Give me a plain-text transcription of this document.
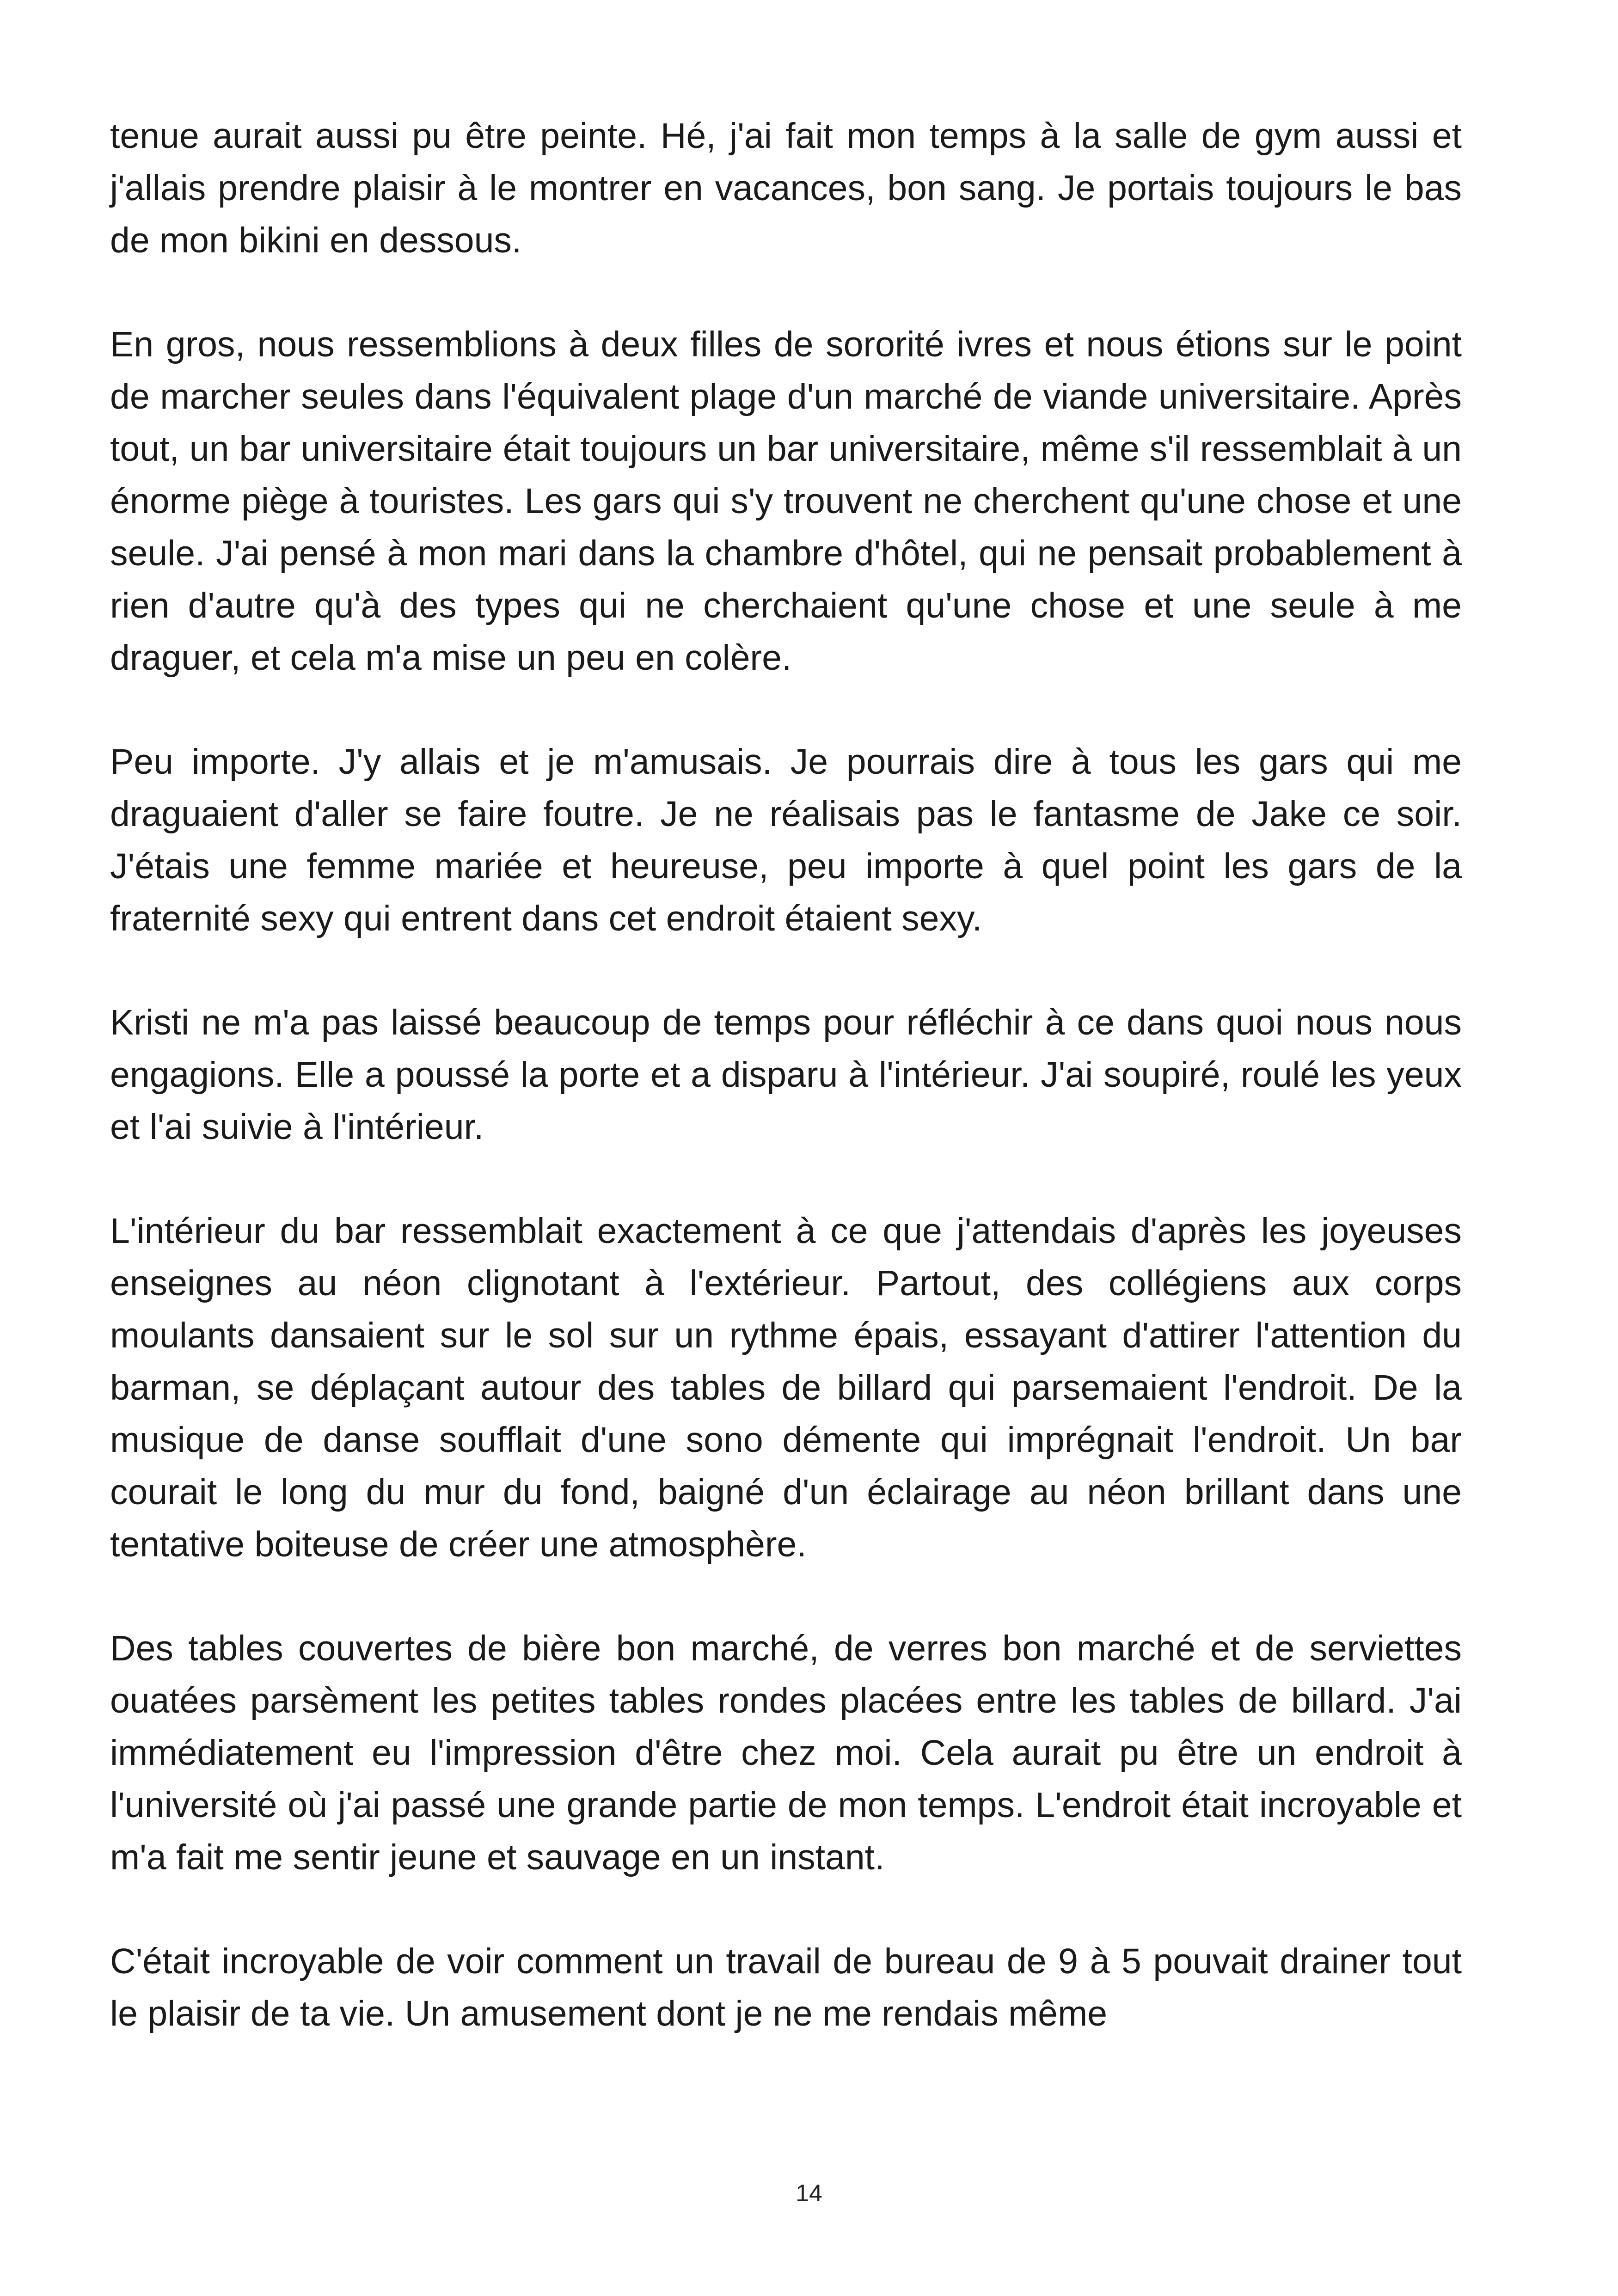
tenue aurait aussi pu être peinte. Hé, j'ai fait mon temps à la salle de gym aussi et j'allais prendre plaisir à le montrer en vacances, bon sang. Je portais toujours le bas de mon bikini en dessous.

En gros, nous ressemblions à deux filles de sororité ivres et nous étions sur le point de marcher seules dans l'équivalent plage d'un marché de viande universitaire. Après tout, un bar universitaire était toujours un bar universitaire, même s'il ressemblait à un énorme piège à touristes. Les gars qui s'y trouvent ne cherchent qu'une chose et une seule. J'ai pensé à mon mari dans la chambre d'hôtel, qui ne pensait probablement à rien d'autre qu'à des types qui ne cherchaient qu'une chose et une seule à me draguer, et cela m'a mise un peu en colère.

Peu importe. J'y allais et je m'amusais. Je pourrais dire à tous les gars qui me draguaient d'aller se faire foutre. Je ne réalisais pas le fantasme de Jake ce soir. J'étais une femme mariée et heureuse, peu importe à quel point les gars de la fraternité sexy qui entrent dans cet endroit étaient sexy.

Kristi ne m'a pas laissé beaucoup de temps pour réfléchir à ce dans quoi nous nous engagions. Elle a poussé la porte et a disparu à l'intérieur. J'ai soupiré, roulé les yeux et l'ai suivie à l'intérieur.

L'intérieur du bar ressemblait exactement à ce que j'attendais d'après les joyeuses enseignes au néon clignotant à l'extérieur. Partout, des collégiens aux corps moulants dansaient sur le sol sur un rythme épais, essayant d'attirer l'attention du barman, se déplaçant autour des tables de billard qui parsemaient l'endroit. De la musique de danse soufflait d'une sono démente qui imprégnait l'endroit. Un bar courait le long du mur du fond, baigné d'un éclairage au néon brillant dans une tentative boiteuse de créer une atmosphère.

Des tables couvertes de bière bon marché, de verres bon marché et de serviettes ouatées parsèment les petites tables rondes placées entre les tables de billard. J'ai immédiatement eu l'impression d'être chez moi. Cela aurait pu être un endroit à l'université où j'ai passé une grande partie de mon temps. L'endroit était incroyable et m'a fait me sentir jeune et sauvage en un instant.

C'était incroyable de voir comment un travail de bureau de 9 à 5 pouvait drainer tout le plaisir de ta vie. Un amusement dont je ne me rendais même

14
